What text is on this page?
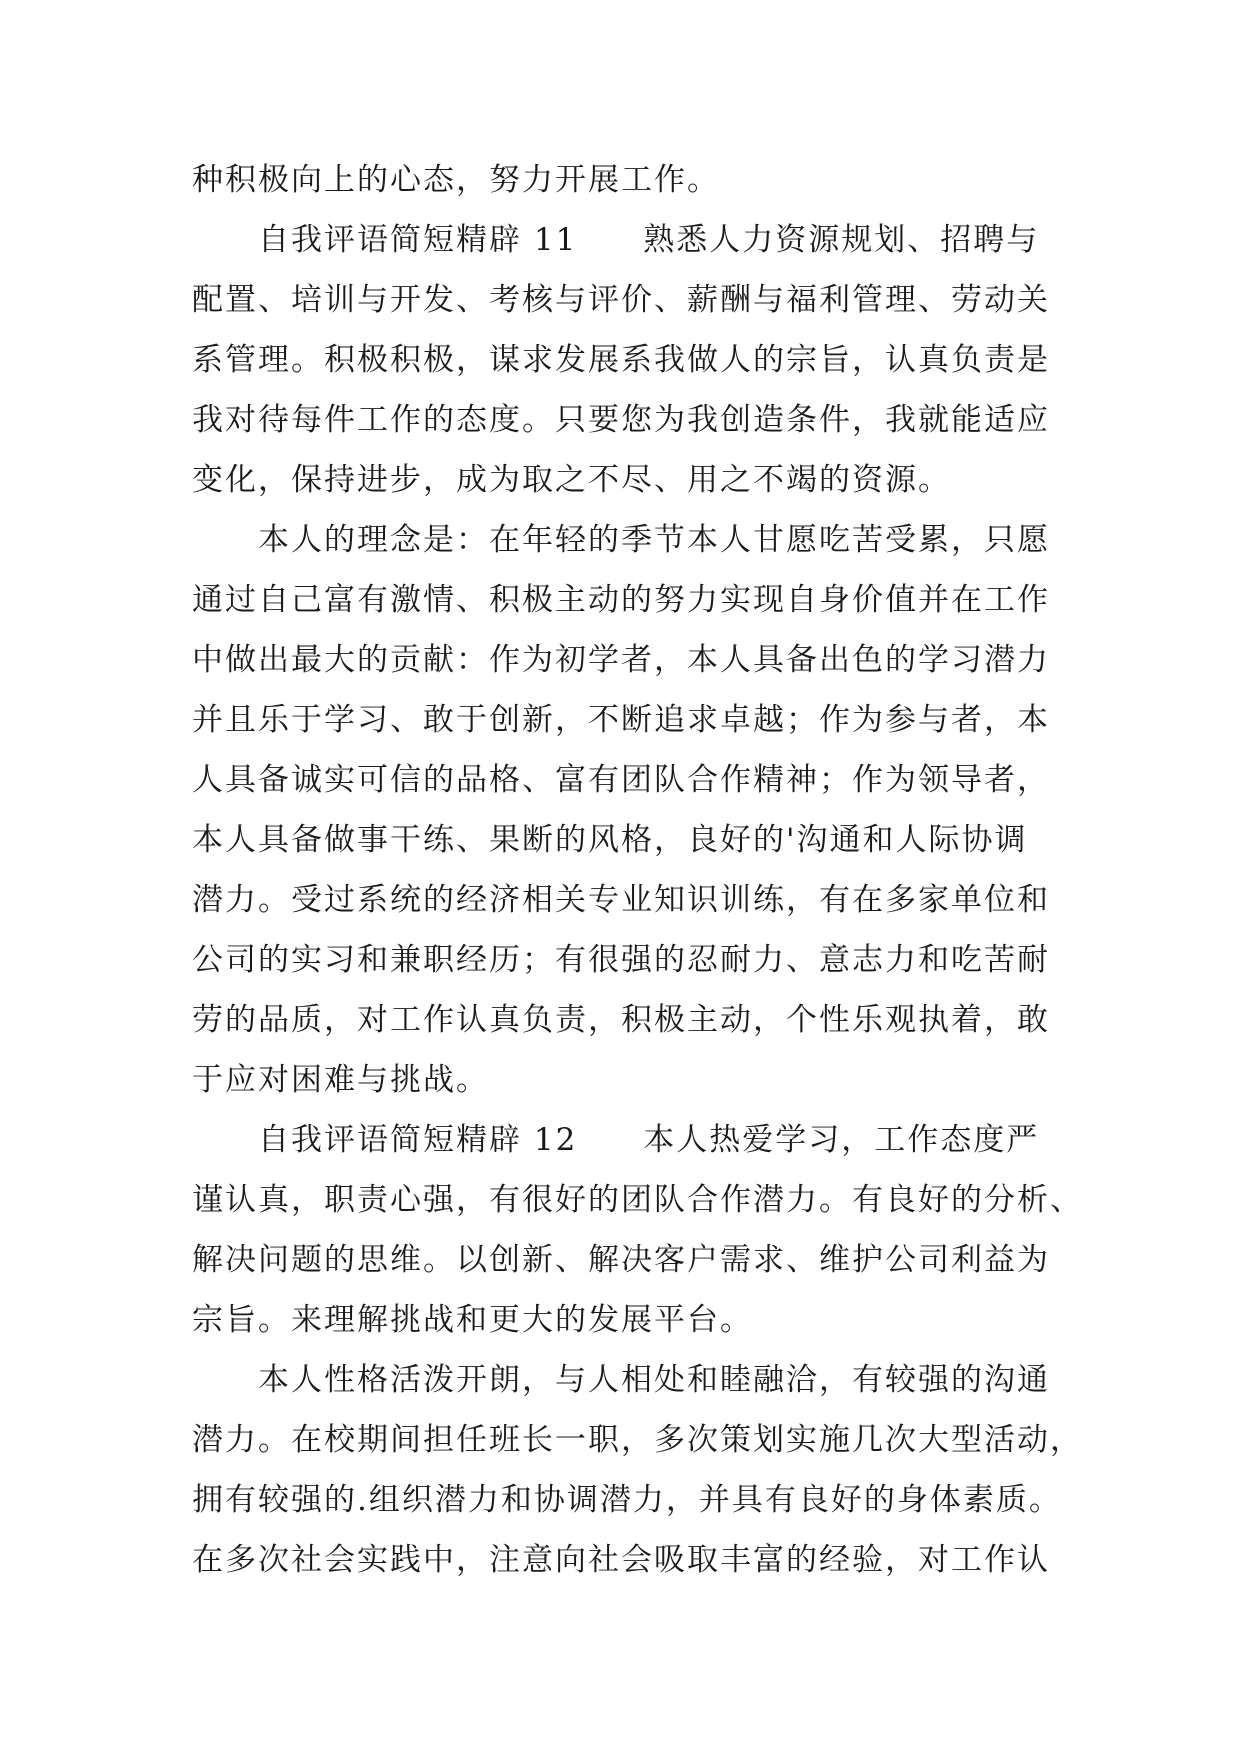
种积极向上的心态，努力开展工作。
自我评语简短精辟 11　　熟悉人力资源规划、招聘与
配置、培训与开发、考核与评价、薪酬与福利管理、劳动关
系管理。积极积极，谋求发展系我做人的宗旨，认真负责是
我对待每件工作的态度。只要您为我创造条件，我就能适应
变化，保持进步，成为取之不尽、用之不竭的资源。
本人的理念是：在年轻的季节本人甘愿吃苦受累，只愿
通过自己富有激情、积极主动的努力实现自身价值并在工作
中做出最大的贡献：作为初学者，本人具备出色的学习潜力
并且乐于学习、敢于创新，不断追求卓越；作为参与者，本
人具备诚实可信的品格、富有团队合作精神；作为领导者，
本人具备做事干练、果断的风格，良好的'沟通和人际协调
潜力。受过系统的经济相关专业知识训练，有在多家单位和
公司的实习和兼职经历；有很强的忍耐力、意志力和吃苦耐
劳的品质，对工作认真负责，积极主动，个性乐观执着，敢
于应对困难与挑战。
自我评语简短精辟 12　　本人热爱学习，工作态度严
谨认真，职责心强，有很好的团队合作潜力。有良好的分析、
解决问题的思维。以创新、解决客户需求、维护公司利益为
宗旨。来理解挑战和更大的发展平台。
本人性格活泼开朗，与人相处和睦融洽，有较强的沟通
潜力。在校期间担任班长一职，多次策划实施几次大型活动，
拥有较强的.组织潜力和协调潜力，并具有良好的身体素质。
在多次社会实践中，注意向社会吸取丰富的经验，对工作认
